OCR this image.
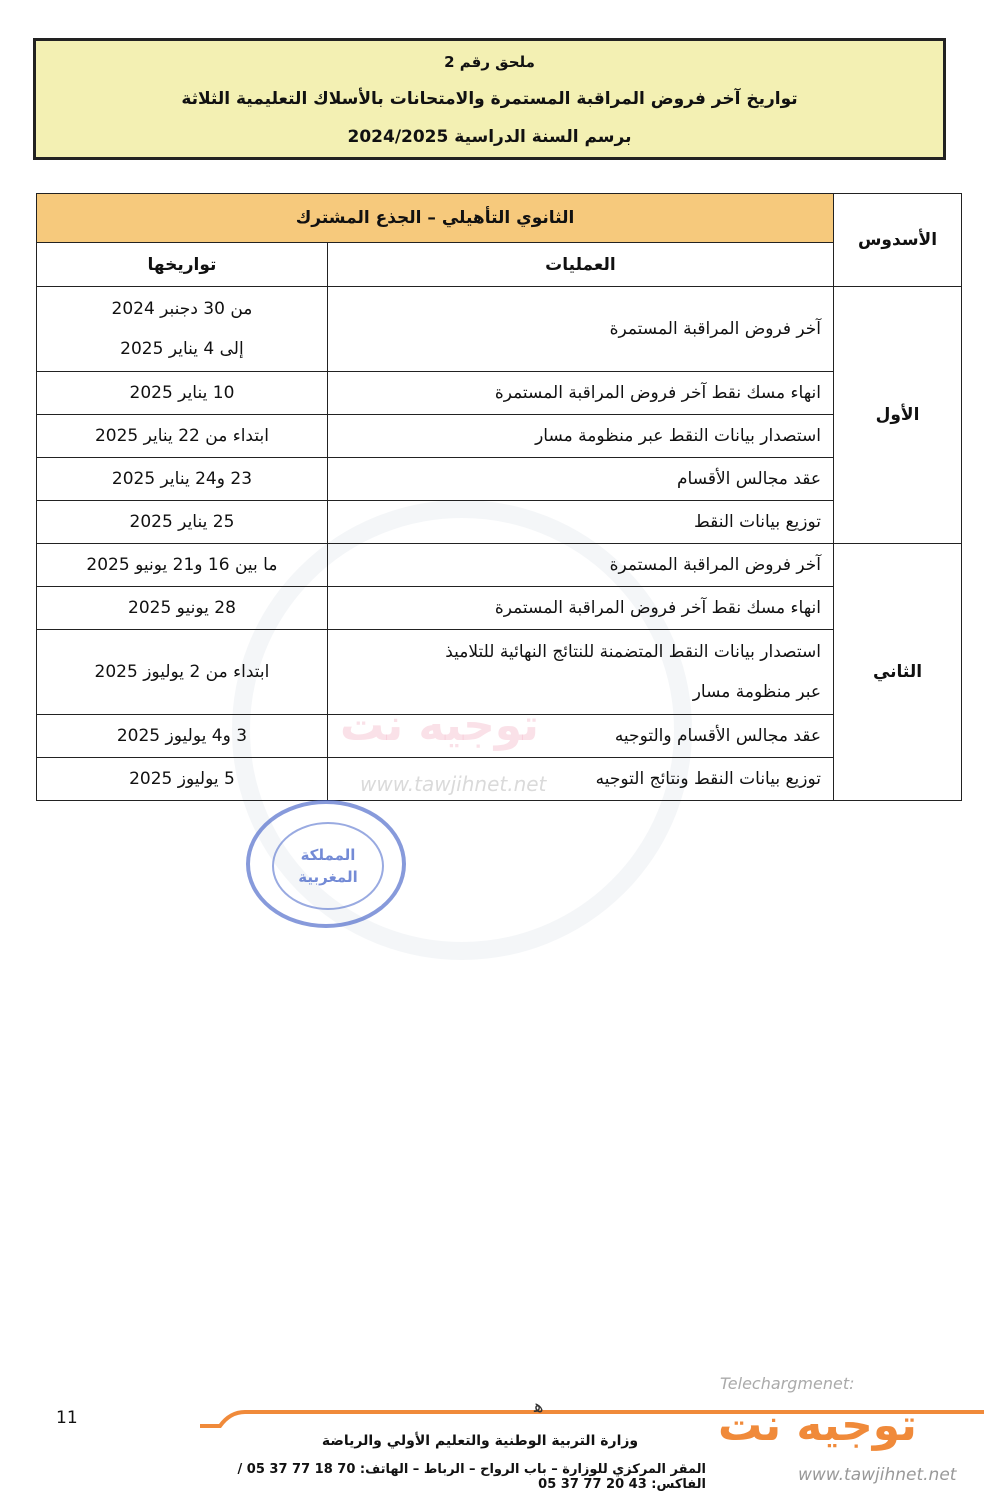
ملحق رقم 2
تواريخ آخر فروض المراقبة المستمرة والامتحانات بالأسلاك التعليمية الثلاثة
برسم السنة الدراسية 2024/2025
توجيه نت
www.tawjihnet.net
الأسدوس	الثانوي التأهيلي – الجذع المشترك	
	العمليات	تواريخها
الأول	آخر فروض المراقبة المستمرة	من 30 دجنبر 2024
إلى 4 يناير 2025

	انهاء مسك نقط آخر فروض المراقبة المستمرة	10 يناير 2025
	استصدار بيانات النقط عبر منظومة مسار	ابتداء من 22 يناير 2025
	عقد مجالس الأقسام	23 و24 يناير 2025
	توزيع بيانات النقط	25 يناير 2025
الثاني	آخر فروض المراقبة المستمرة	ما بين 16 و21 يونيو 2025
	انهاء مسك نقط آخر فروض المراقبة المستمرة	28 يونيو 2025

	استصدار بيانات النقط المتضمنة للنتائج النهائية للتلاميذ
عبر منظومة مسار	ابتداء من 2 يوليوز 2025
	عقد مجالس الأقسام والتوجيه	3 و4 يوليوز 2025
	توزيع بيانات النقط ونتائج التوجيه	5 يوليوز 2025
المملكة
المغربية
11
ﻫ
وزارة التربية الوطنية والتعليم الأولي والرياضة
المقر المركزي للوزارة – باب الرواح – الرباط – الهاتف: 70 18 77 37 05 /الفاكس: 43 20 77 37 05
Telechargmenet:
توجيه نت
www.tawjihnet.net
